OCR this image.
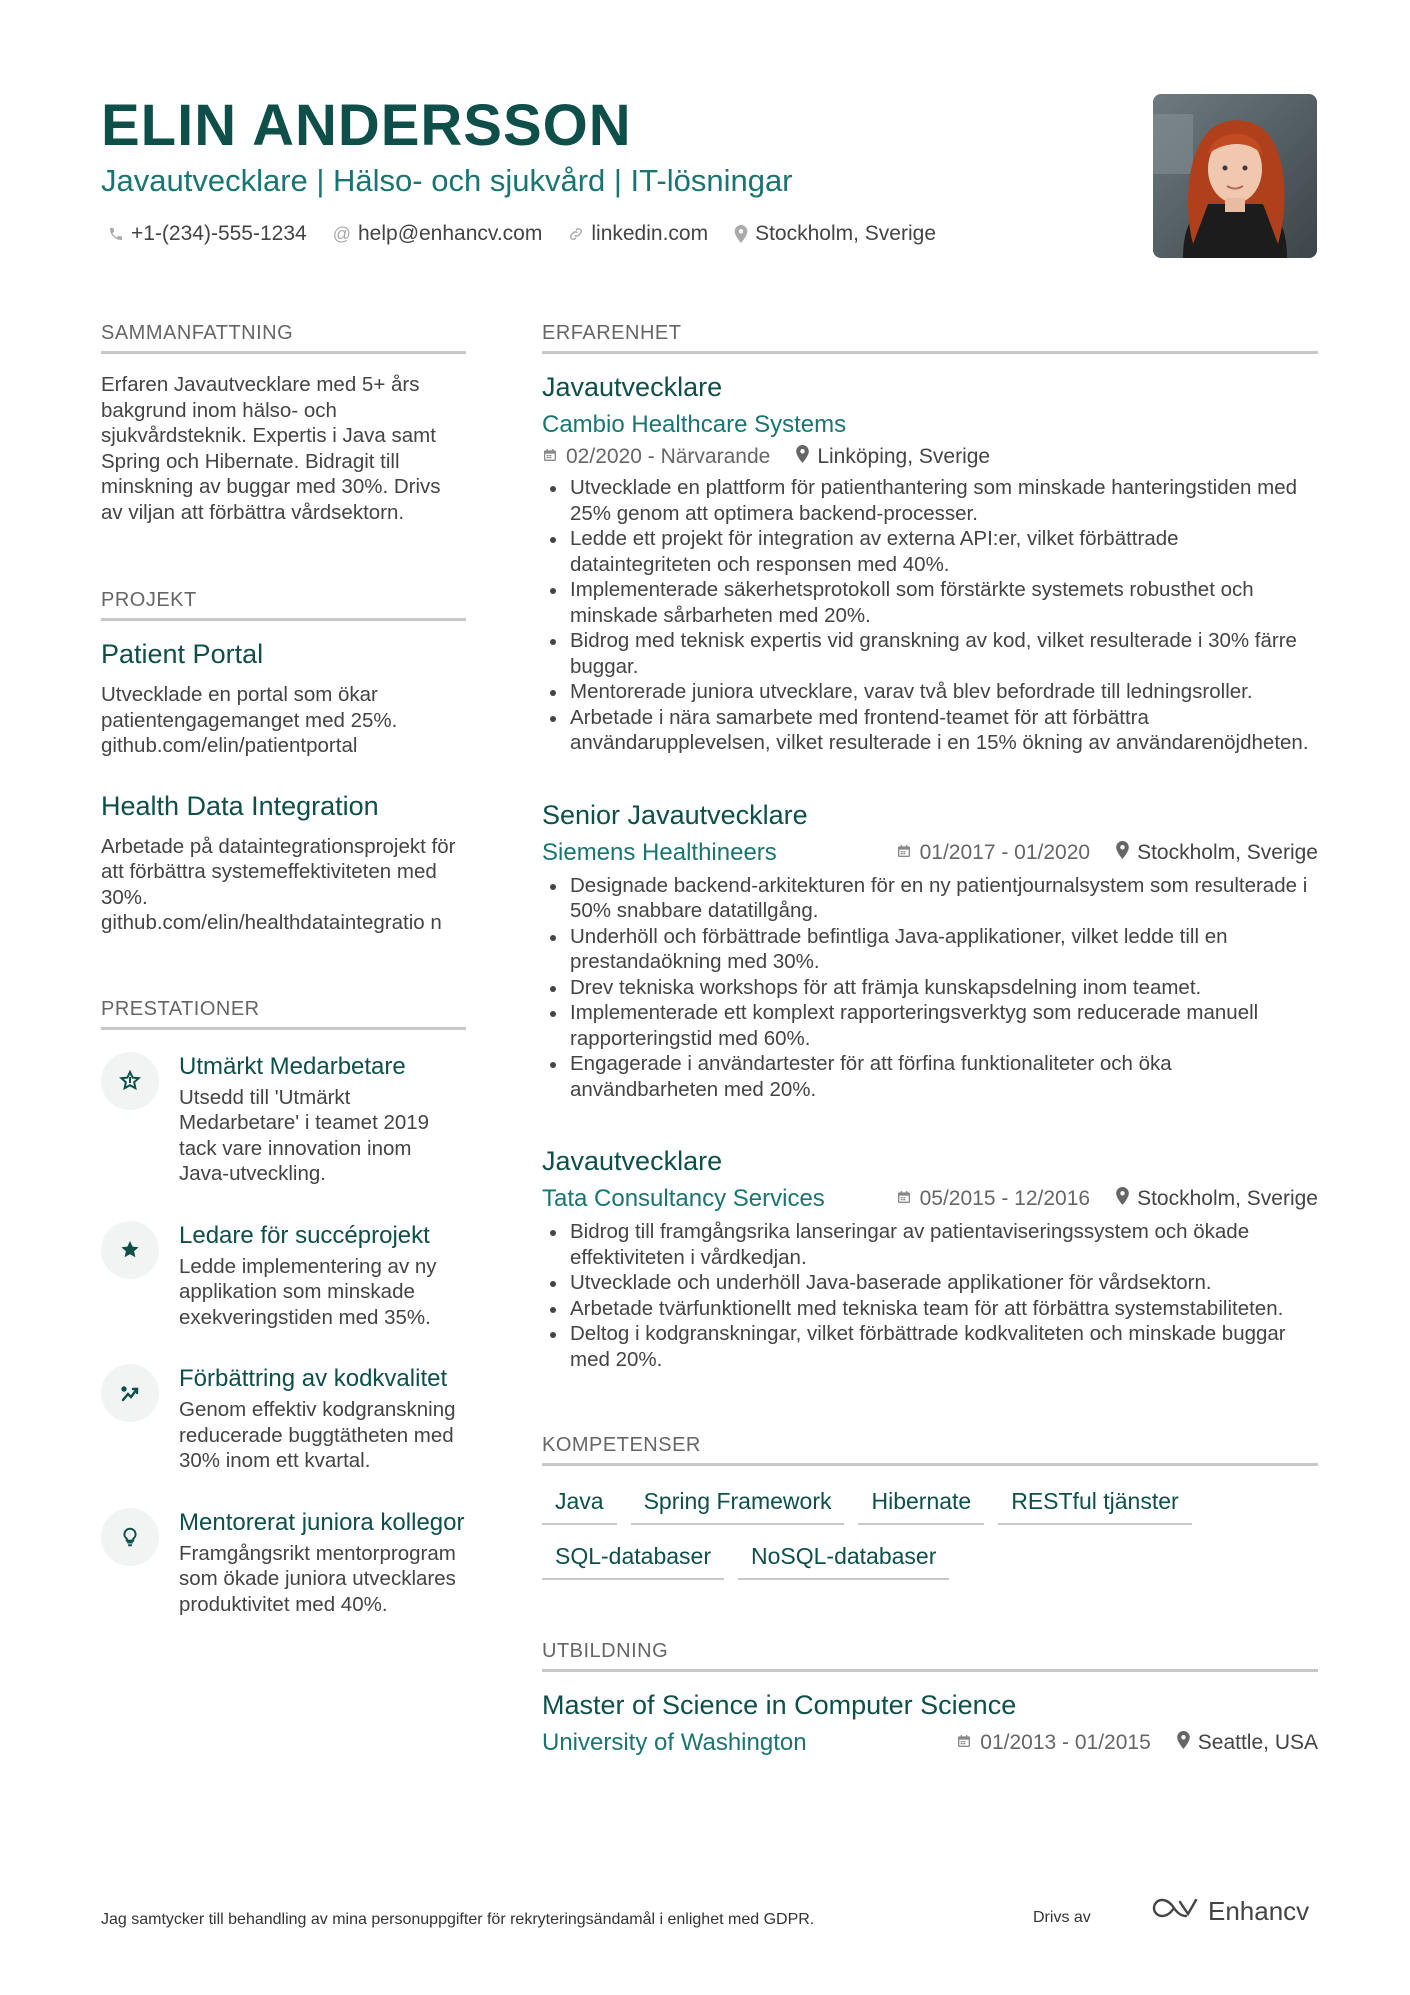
ELIN ANDERSSON
Javautvecklare | Hälso- och sjukvård | IT-lösningar
+1-(234)-555-1234 @ help@enhancv.com linkedin.com Stockholm, Sverige
SAMMANFATTNING
Erfaren Javautvecklare med 5+ års bakgrund inom hälso- och sjukvårdsteknik. Expertis i Java samt Spring och Hibernate. Bidragit till minskning av buggar med 30%. Drivs av viljan att förbättra vårdsektorn.
PROJEKT
Patient Portal
Utvecklade en portal som ökar patientengagemanget med 25%. github.com/elin/patientportal
Health Data Integration
Arbetade på dataintegrationsprojekt för att förbättra systemeffektiviteten med 30%. github.com/elin/healthdataintegratio n
PRESTATIONER
Utmärkt Medarbetare
Utsedd till 'Utmärkt Medarbetare' i teamet 2019 tack vare innovation inom Java-utveckling.
Ledare för succéprojekt
Ledde implementering av ny applikation som minskade exekveringstiden med 35%.
Förbättring av kodkvalitet
Genom effektiv kodgranskning reducerade buggtätheten med 30% inom ett kvartal.
Mentorerat juniora kollegor
Framgångsrikt mentorprogram som ökade juniora utvecklares produktivitet med 40%.
ERFARENHET
Javautvecklare
Cambio Healthcare Systems
02/2020 - Närvarande Linköping, Sverige
Utvecklade en plattform för patienthantering som minskade hanteringstiden med 25% genom att optimera backend-processer.
Ledde ett projekt för integration av externa API:er, vilket förbättrade dataintegriteten och responsen med 40%.
Implementerade säkerhetsprotokoll som förstärkte systemets robusthet och minskade sårbarheten med 20%.
Bidrog med teknisk expertis vid granskning av kod, vilket resulterade i 30% färre buggar.
Mentorerade juniora utvecklare, varav två blev befordrade till ledningsroller.
Arbetade i nära samarbete med frontend-teamet för att förbättra användarupplevelsen, vilket resulterade i en 15% ökning av användarenöjdheten.
Senior Javautvecklare
Siemens Healthineers	01/2017 - 01/2020 Stockholm, Sverige
Designade backend-arkitekturen för en ny patientjournalsystem som resulterade i 50% snabbare datatillgång.
Underhöll och förbättrade befintliga Java-applikationer, vilket ledde till en prestandaökning med 30%.
Drev tekniska workshops för att främja kunskapsdelning inom teamet.
Implementerade ett komplext rapporteringsverktyg som reducerade manuell rapporteringstid med 60%.
Engagerade i användartester för att förfina funktionaliteter och öka användbarheten med 20%.
Javautvecklare
Tata Consultancy Services	05/2015 - 12/2016 Stockholm, Sverige
Bidrog till framgångsrika lanseringar av patientaviseringssystem och ökade effektiviteten i vårdkedjan.
Utvecklade och underhöll Java-baserade applikationer för vårdsektorn.
Arbetade tvärfunktionellt med tekniska team för att förbättra systemstabiliteten.
Deltog i kodgranskningar, vilket förbättrade kodkvaliteten och minskade buggar med 20%.
KOMPETENSER
Java	Spring Framework	Hibernate	RESTful tjänster
SQL-databaser	NoSQL-databaser
UTBILDNING
Master of Science in Computer Science
University of Washington	01/2013 - 01/2015 Seattle, USA
Jag samtycker till behandling av mina personuppgifter för rekryteringsändamål i enlighet med GDPR.	Drivs av	Enhancv
